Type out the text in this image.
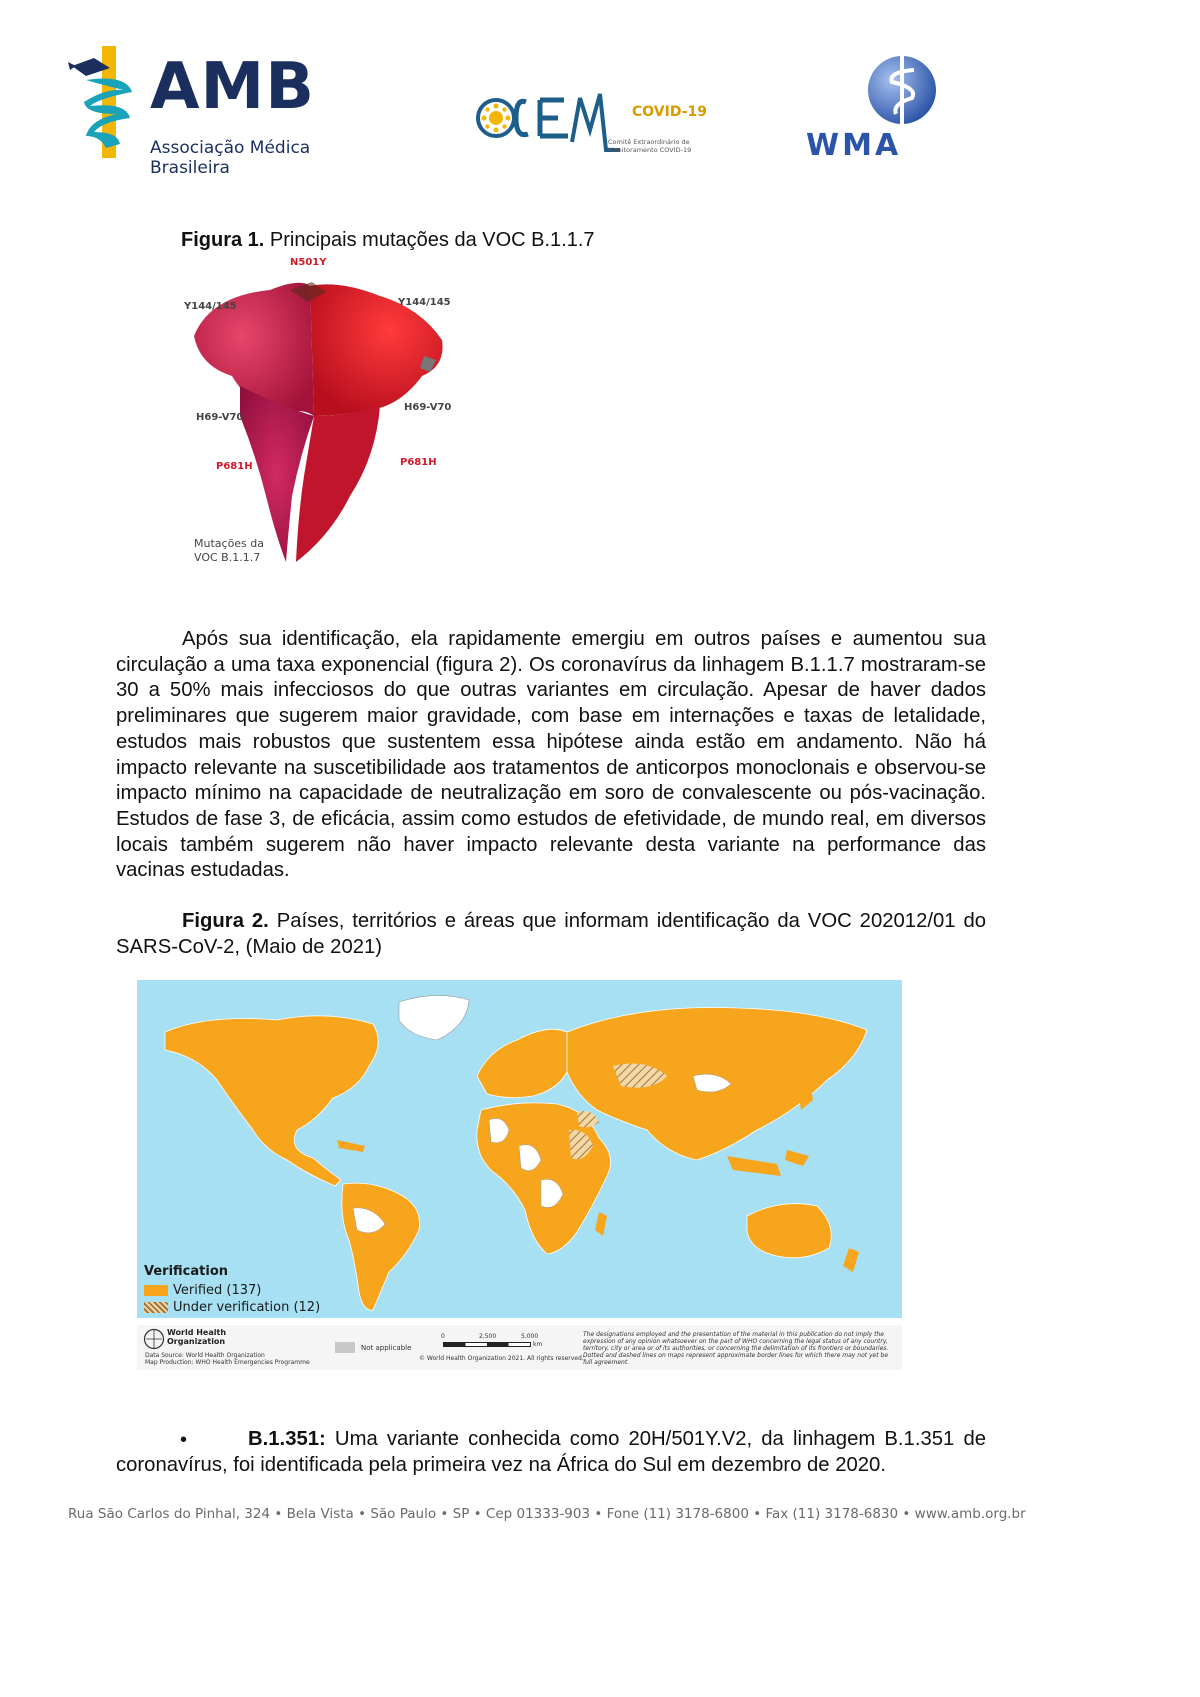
AMB
Associação Médica Brasileira
COVID-19
Comitê Extraordinário de
Monitoramento COVID-19	WMA
Figura 1. Principais mutações da VOC B.1.1.7
N501Y
Y144/145	Y144/145
H69-V70
H69-V70
P681H	P681H
Mutações da
VOC B.1.1.7
Após sua identificação, ela rapidamente emergiu em outros países e aumentou sua circulação a uma taxa exponencial (figura 2). Os coronavírus da linhagem B.1.1.7 mostraram-se 30 a 50% mais infecciosos do que outras variantes em circulação. Apesar de haver dados preliminares que sugerem maior gravidade, com base em internações e taxas de letalidade, estudos mais robustos que sustentem essa hipótese ainda estão em andamento. Não há impacto relevante na suscetibilidade aos tratamentos de anticorpos monoclonais e observou-se impacto mínimo na capacidade de neutralização em soro de convalescente ou pós-vacinação. Estudos de fase 3, de eficácia, assim como estudos de efetividade, de mundo real, em diversos locais também sugerem não haver impacto relevante desta variante na performance das vacinas estudadas.
Figura 2. Países, territórios e áreas que informam identificação da VOC 202012/01 do SARS-CoV-2, (Maio de 2021)
Verification
Verified (137)
Under verification (12)
World Health
Organization
Data Source: World Health Organization
Map Production: WHO Health Emergencies Programme
Not applicable
0	2,500	5,000
km
© World Health Organization 2021. All rights reserved.
The designations employed and the presentation of the material in this publication do not imply the expression of any opinion whatsoever on the part of WHO concerning the legal status of any country, territory, city or area or of its authorities, or concerning the delimitation of its frontiers or boundaries. Dotted and dashed lines on maps represent approximate border lines for which there may not yet be full agreement.
•	B.1.351: Uma variante conhecida como 20H/501Y.V2, da linhagem B.1.351 de coronavírus, foi identificada pela primeira vez na África do Sul em dezembro de 2020.
Rua São Carlos do Pinhal, 324 • Bela Vista • São Paulo • SP • Cep 01333-903 • Fone (11) 3178-6800 • Fax (11) 3178-6830 • www.amb.org.br
